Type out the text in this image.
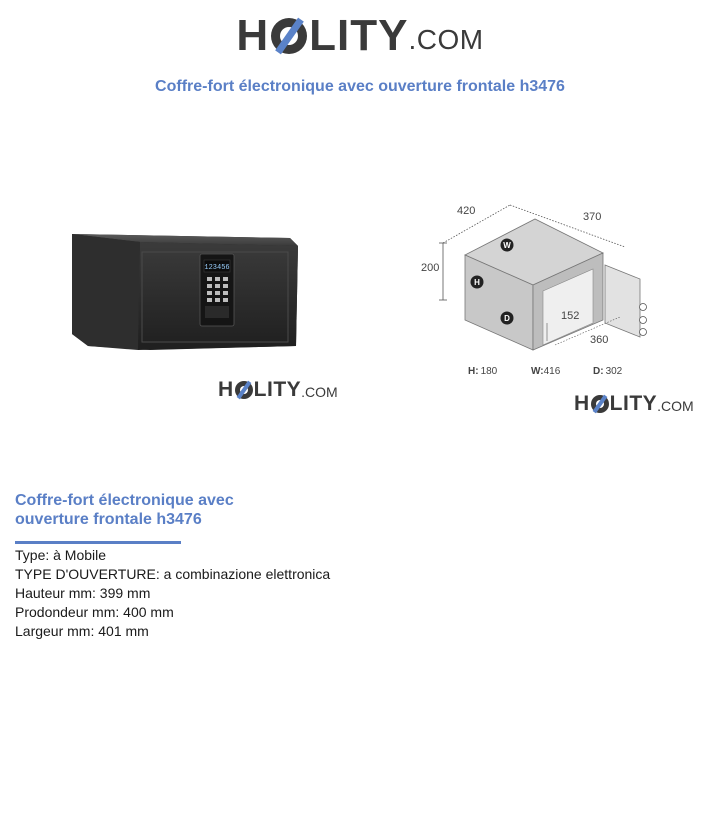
H LITY .COM
Coffre-fort électronique avec ouverture frontale h3476
123456
H LITY .COM
W
H
D
420	370
200
152
360
H: 180	W:416	D: 302
H LITY .COM
Coffre-fort électronique avec
ouverture frontale h3476
Type: à Mobile
TYPE D'OUVERTURE: a combinazione elettronica
Hauteur mm: 399 mm
Prodondeur mm: 400 mm
Largeur mm: 401 mm
